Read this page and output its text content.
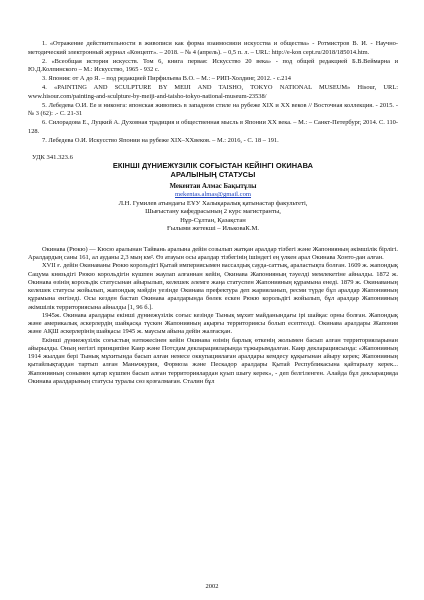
1. «Отражение действительности в живописи как форма взаимосвязи искусства и общества» - Ротмистров В. И. - Научно-методический электронный журнал «Концепт». – 2018. – № 4 (апрель). – 0,5 п. л. – URL: http://e-kon cept.ru/2018/185014.htm.

2. «Всеобщая история искусств. Том 6, книга первая: Искусство 20 века» - под общей редакцией Б.В.Веймарна и Ю.Д.Колпинского – М.: Искусство, 1965 - 932 с.

3. Япония: от А до Я. – под редакцией Пирфильева В.О. – М.: – РИП-Холдинг, 2012. - с.214

4. «PAINTING AND SCULPTURE BY MEIJI AND TAISHO, TOKYO NATIONAL MUSEUM» Hisour, URL: www.hisour.com/painting-and-sculpture-by-meiji-and-taisho-tokyo-national-museum-23538/

5. Лебедева О.И. Ее и никонга: японская живопись в западном стиле на рубеже XIX и XX веков // Восточная коллекция. - 2015. - № 3 (62): .- С. 21-31

6. Силорадова Е., Луцкий А. Духовная традиция и общественная мысль в Японии XX века. – М.: – Санкт-Петербург, 2014. С. 110-128.

7. Лебедева О.И. Искусство Японии на рубеже XIX–XXвеков. – М.: 2016, - С. 18 – 191.

УДК 341.323.6
ЕКІНШІ ДҮНИЕЖҮЗІЛІК СОҒЫСТАН КЕЙІНГІ ОКИНАВА
АРАЛЫНЫҢ СТАТУСЫ
Мекентаи Алмас Бақытұлы
mekentas.almas@gmail.com
Л.Н. Гумилев атындағы ЕҰУ Халықаралық қатынастар факультеті,
Шығыстану кафедрасының 2 курс магистранты,
Нұр-Сұлтан, Қазақстан
Ғылыми жетекші – ИльковаК.М.

Окинава (Рюкю) — Кюсю аралынан Тайвань аралына дейін созылып жатқан аралдар тізбегі және Жапонияның әкімшілік бірлігі. Аралдардың саны 161, ал ауданы 2,3 мың км². Өз атауын осы аралдар тізбегінің ішіндегі ең үлкен арал Окинава Хонто-дан алған.

XVII ғ. дейін Окинаваны Рюкю корольдігі Қытай империясымен вассалдық сауда-саттық, араластықта болған. 1609 ж. жапондық Сацума князьдігі Рюкю корольдігін күшпен жаулап алғаннан кейін, Окинава Жапонияның тәуелді мемлекетіне айналды. 1872 ж. Окинава өзінің корольдік статусынан айырылып, келешек әлемге жаңа статуспен Жапонияның құрамына енеді. 1879 ж. Окинаваның келешек статусы жойылып, жапондық мәйдін уезінде Окинава префектура деп жарияланып, ресми түрде бұл аралдар Жапонияның құрамына енгізеді. Осы кезден бастап Окинава аралдарында бөлек ескен Рюкю корольдігі жойылып, бұл аралдар Жапонияның әкімшілік территориясына айналды [1, 96 б.].

1945ж. Окинава аралдары екінші дүниежүзілік соғыс кезінде Тынық мұхит майданындағы ірі шайқас орны болған. Жапондық және америкалық әскерлердің шайқасқа түскен Жапонияның ақырғы территориясы болып есептелді. Окинава аралдары Жапония және АҚШ әскерлерінің шайқасы 1945 ж. маусым айына дейін жалғасқан.

Екінші дүниежүзілік соғыстың нәтижесінен кейін Окинава өзінің барлық өткенің жолымен басып алған территорияларынан айырылды. Оның негізгі принципіне Каир және Потсдам декларацияларында тұжырымдалған. Каир декларациясында: «Жапонияның 1914 жылдан бері Тынық мұхитында басып алған немесе оккупациялаған аралдары кемдесу құқығынан айыру керек; Жапонияның қытайлықтардан тартып алған Маньчжурия, Формоза және Пескадор аралдары Қытай Республикасына қайтарылу керек... Жапонияның сонымен қатар күшпен басып алған территориялардан қуып шығу керек», - деп белгіленген. Алайда бұл декларацияда Окинава аралдарының статусы туралы сөз қозғалмаған. Сталин бұл

2002
